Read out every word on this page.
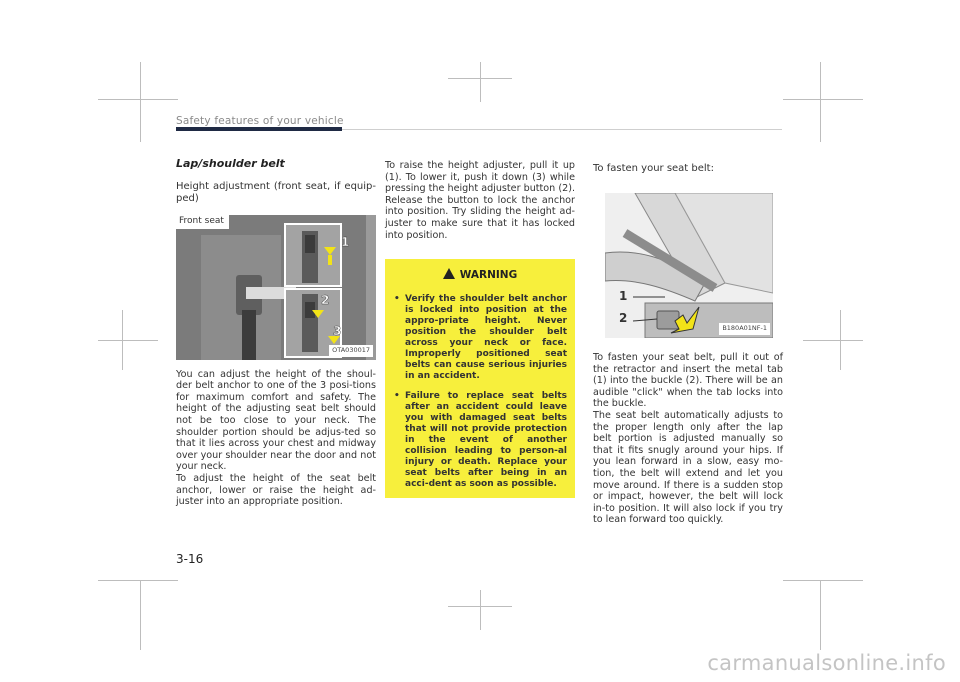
Safety features of your vehicle
Lap/shoulder belt
Height adjustment (front seat, if equip-ped)
1
2
3
Front seat
OTA030017

You can adjust the height of the shoul-der belt anchor to one of the 3 posi-tions for maximum comfort and safety. The height of the adjusting seat belt should not be too close to your neck. The shoulder portion should be adjus-ted so that it lies across your chest and midway over your shoulder near the door and not your neck.

To adjust the height of the seat belt anchor, lower or raise the height ad-juster into an appropriate position.

To raise the height adjuster, pull it up (1). To lower it, push it down (3) while pressing the height adjuster button (2). Release the button to lock the anchor into position. Try sliding the height ad-juster to make sure that it has locked into position.

WARNING
• Verify the shoulder belt anchor is locked into position at the appro-priate height. Never position the shoulder belt across your neck or face. Improperly positioned seat belts can cause serious injuries in an accident.
• Failure to replace seat belts after an accident could leave you with damaged seat belts that will not provide protection in the event of another collision leading to person-al injury or death. Replace your seat belts after being in an acci-dent as soon as possible.
To fasten your seat belt:
1
2
B180A01NF-1

To fasten your seat belt, pull it out of the retractor and insert the metal tab (1) into the buckle (2). There will be an audible "click" when the tab locks into the buckle.

The seat belt automatically adjusts to the proper length only after the lap belt portion is adjusted manually so that it fits snugly around your hips. If you lean forward in a slow, easy mo-tion, the belt will extend and let you move around. If there is a sudden stop or impact, however, the belt will lock in-to position. It will also lock if you try to lean forward too quickly.

3-16
carmanualsonline.info
